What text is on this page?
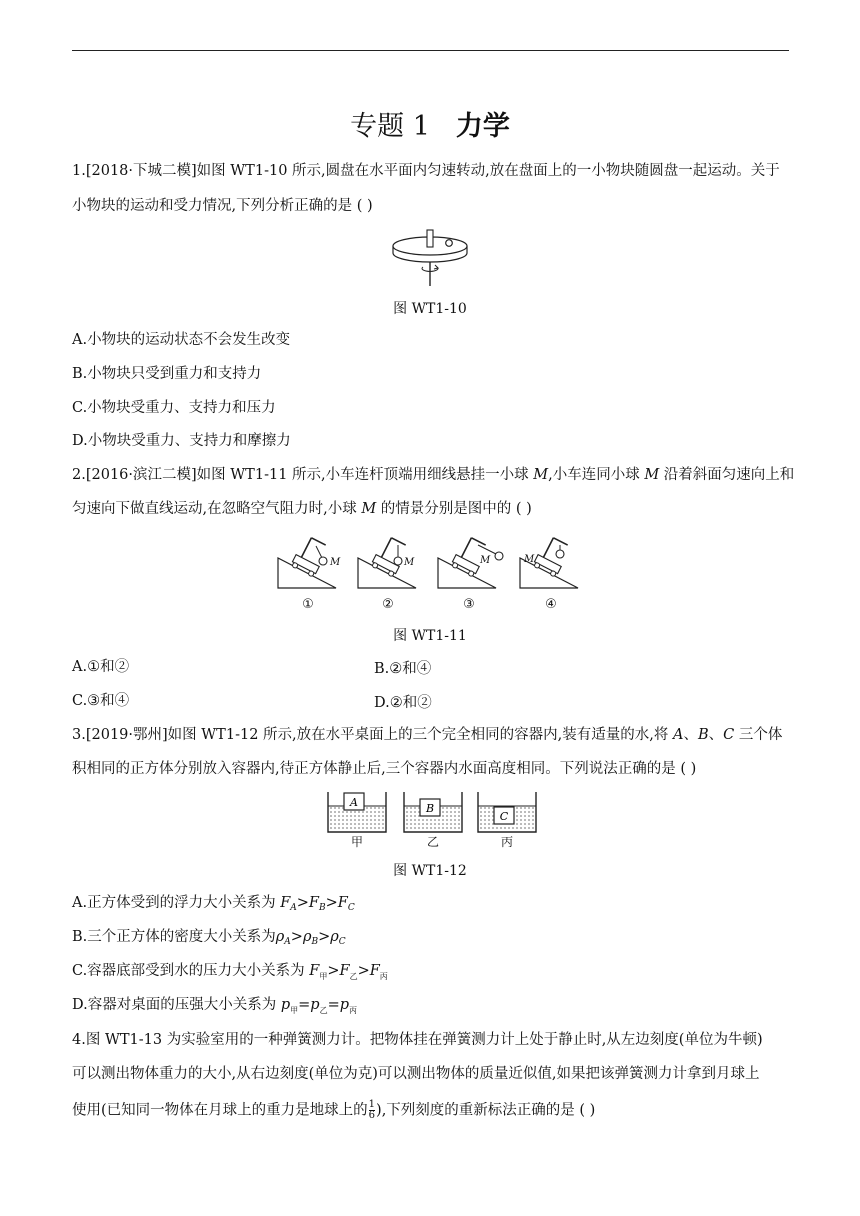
专题 1 力学
1.[2018·下城二模]如图 WT1-10 所示,圆盘在水平面内匀速转动,放在盘面上的一小物块随圆盘一起运动。关于
小物块的运动和受力情况,下列分析正确的是 ( )
图 WT1-10
A.小物块的运动状态不会发生改变
B.小物块只受到重力和支持力
C.小物块受重力、支持力和压力
D.小物块受重力、支持力和摩擦力
2.[2016·滨江二模]如图 WT1-11 所示,小车连杆顶端用细线悬挂一小球 M,小车连同小球 M 沿着斜面匀速向上和
匀速向下做直线运动,在忽略空气阻力时,小球 M 的情景分别是图中的 ( )
M	M	M	M
①	②	③	④
图 WT1-11
A.①和②	B.②和④
C.③和④	D.②和②
3.[2019·鄂州]如图 WT1-12 所示,放在水平桌面上的三个完全相同的容器内,装有适量的水,将 A、B、C 三个体
积相同的正方体分别放入容器内,待正方体静止后,三个容器内水面高度相同。下列说法正确的是 ( )
A	B
C
甲	乙	丙
图 WT1-12
A.正方体受到的浮力大小关系为 $F_A>F_B>F_C$
B.三个正方体的密度大小关系为$\rho_A>\rho_B>\rho_C$
C.容器底部受到水的压力大小关系为 $F_甲>F_乙>F_丙$
D.容器对桌面的压强大小关系为 $p_甲=p_乙=p_丙$
4.图 WT1-13 为实验室用的一种弹簧测力计。把物体挂在弹簧测力计上处于静止时,从左边刻度(单位为牛顿)
可以测出物体重力的大小,从右边刻度(单位为克)可以测出物体的质量近似值,如果把该弹簧测力计拿到月球上
使用(已知同一物体在月球上的重力是地球上的 $\frac{1}{6}$ ),下列刻度的重新标法正确的是 ( )
